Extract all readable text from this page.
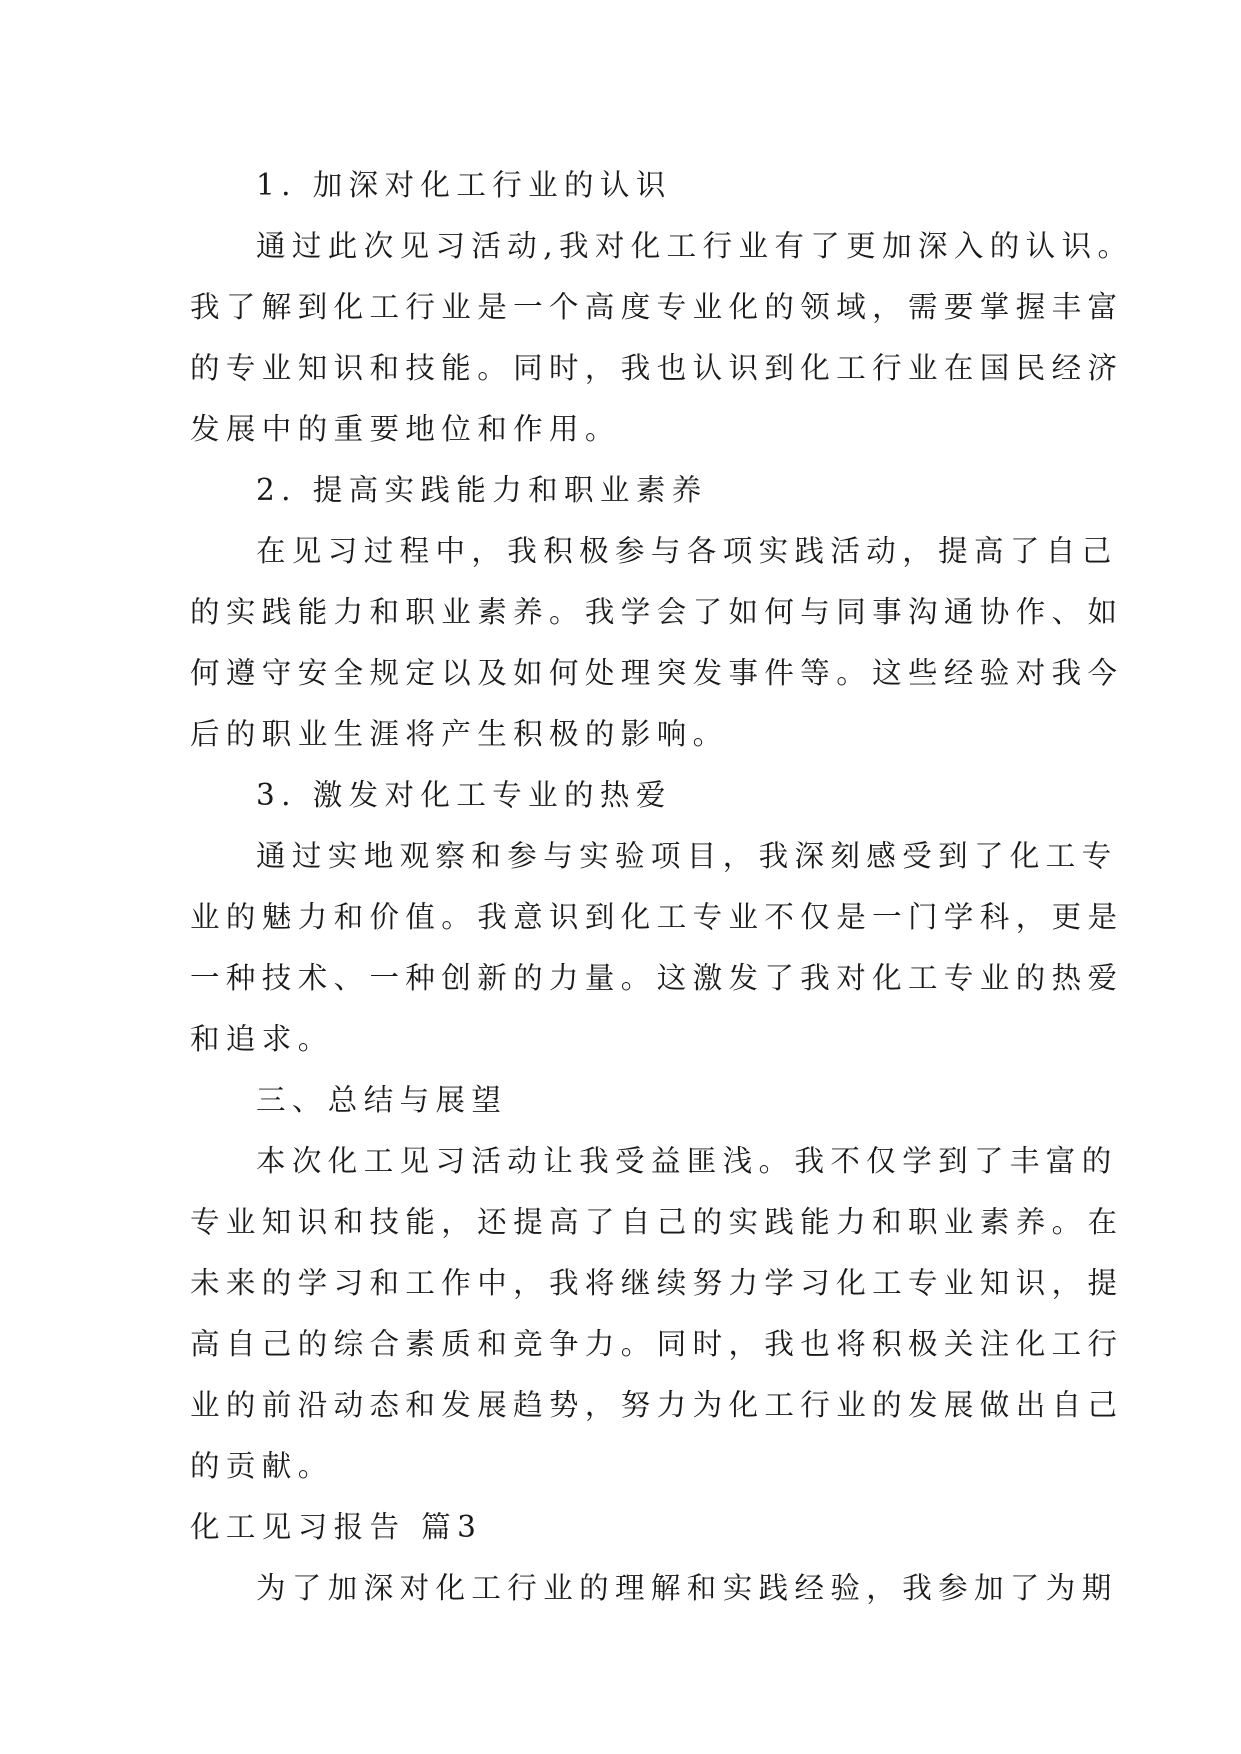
1. 加深对化工行业的认识

通过此次见习活动,我对化工行业有了更加深入的认识。

我了解到化工行业是一个高度专业化的领域，需要掌握丰富

的专业知识和技能。同时，我也认识到化工行业在国民经济

发展中的重要地位和作用。

2. 提高实践能力和职业素养

在见习过程中，我积极参与各项实践活动，提高了自己

的实践能力和职业素养。我学会了如何与同事沟通协作、如

何遵守安全规定以及如何处理突发事件等。这些经验对我今

后的职业生涯将产生积极的影响。

3. 激发对化工专业的热爱

通过实地观察和参与实验项目，我深刻感受到了化工专

业的魅力和价值。我意识到化工专业不仅是一门学科，更是

一种技术、一种创新的力量。这激发了我对化工专业的热爱

和追求。

三、总结与展望

本次化工见习活动让我受益匪浅。我不仅学到了丰富的

专业知识和技能，还提高了自己的实践能力和职业素养。在

未来的学习和工作中，我将继续努力学习化工专业知识，提

高自己的综合素质和竞争力。同时，我也将积极关注化工行

业的前沿动态和发展趋势，努力为化工行业的发展做出自己

的贡献。

化工见习报告 篇3

为了加深对化工行业的理解和实践经验，我参加了为期
